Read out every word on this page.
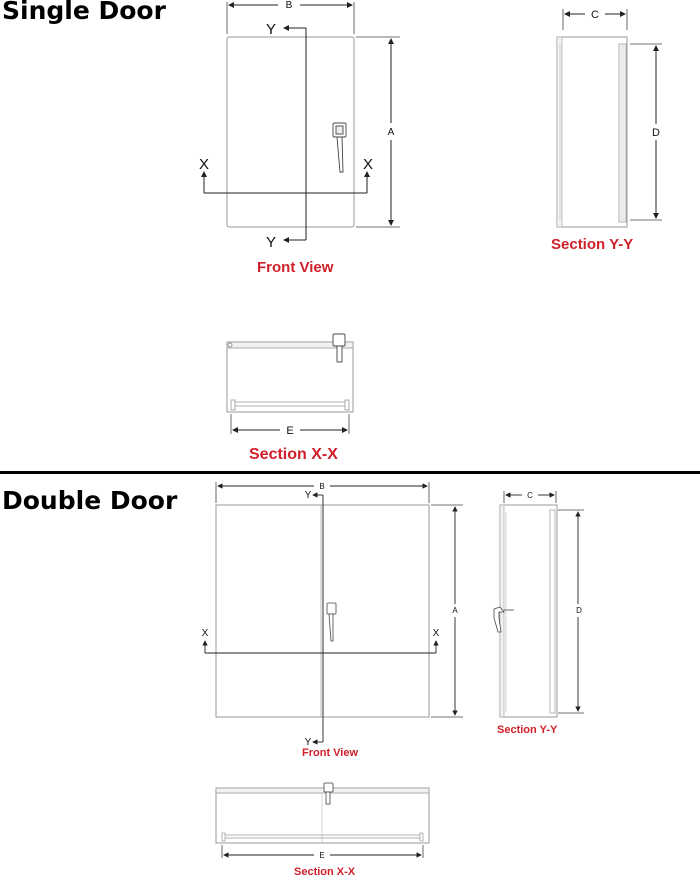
Single Door
Double Door
Front View
Section Y-Y
Section X-X
Front View
Section Y-Y
Section X-X
B
A
Y
Y
X	X
C
D
E
B
A
Y
Y
X	X
C
D
E
